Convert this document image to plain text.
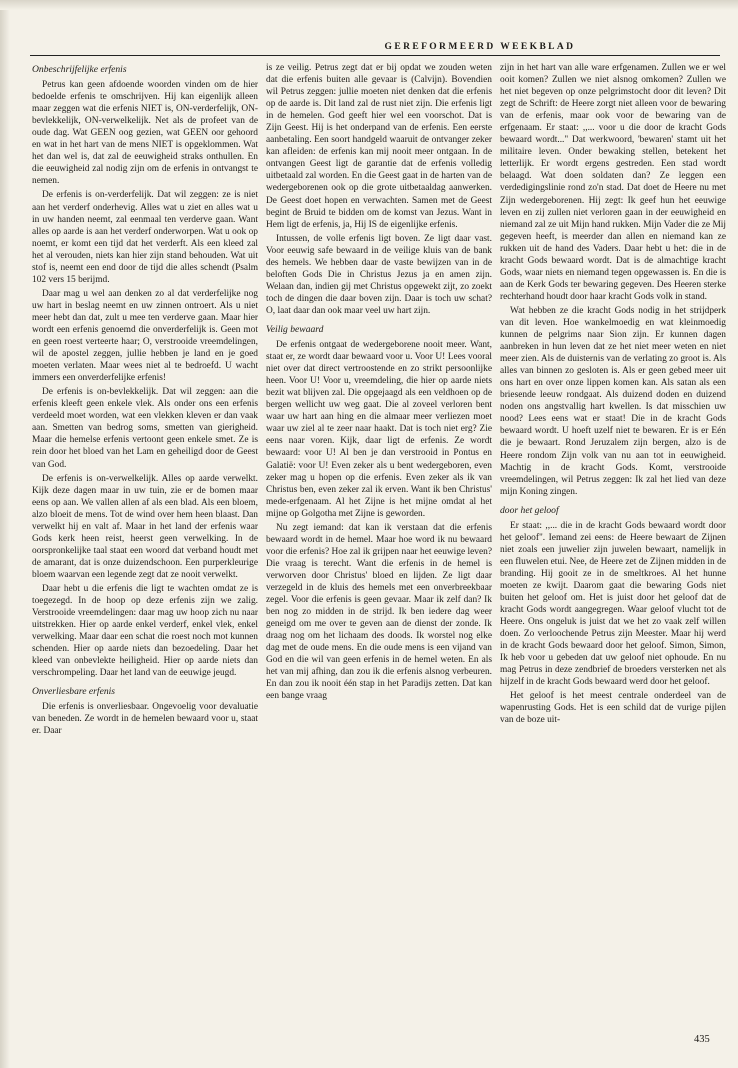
GEREFORMEERD WEEKBLAD
Onbeschrijfelijke erfenis

Petrus kan geen afdoende woorden vinden om de hier bedoelde erfenis te omschrijven. Hij kan eigenlijk alleen maar zeggen wat die erfenis NIET is, ON-verderfelijk, ON-bevlekkelijk, ON-verwelkelijk. Net als de profeet van de oude dag. Wat GEEN oog gezien, wat GEEN oor gehoord en wat in het hart van de mens NIET is opgeklommen. Wat het dan wel is, dat zal de eeuwigheid straks onthullen. En die eeuwigheid zal nodig zijn om de erfenis in ontvangst te nemen.

De erfenis is on-verderfelijk. Dat wil zeggen: ze is niet aan het verderf onderhevig. Alles wat u ziet en alles wat u in uw handen neemt, zal eenmaal ten verderve gaan. Want alles op aarde is aan het verderf onderworpen. Wat u ook op noemt, er komt een tijd dat het verderft. Als een kleed zal het al verouden, niets kan hier zijn stand behouden. Wat uit stof is, neemt een end door de tijd die alles schendt (Psalm 102 vers 15 berijmd.

Daar mag u wel aan denken zo al dat verderfelijke nog uw hart in beslag neemt en uw zinnen ontroert. Als u niet meer hebt dan dat, zult u mee ten verderve gaan. Maar hier wordt een erfenis genoemd die onverderfelijk is. Geen mot en geen roest verteerte haar; O, verstrooide vreemdelingen, wil de apostel zeggen, jullie hebben je land en je goed moeten verlaten. Maar wees niet al te bedroefd. U wacht immers een onverderfelijke erfenis!

De erfenis is on-bevlekkelijk. Dat wil zeggen: aan die erfenis kleeft geen enkele vlek. Als onder ons een erfenis verdeeld moet worden, wat een vlekken kleven er dan vaak aan. Smetten van bedrog soms, smetten van gierigheid. Maar die hemelse erfenis vertoont geen enkele smet. Ze is rein door het bloed van het Lam en geheiligd door de Geest van God.

De erfenis is on-verwelkelijk. Alles op aarde verwelkt. Kijk deze dagen maar in uw tuin, zie er de bomen maar eens op aan. We vallen allen af als een blad. Als een bloem, alzo bloeit de mens. Tot de wind over hem heen blaast. Dan verwelkt hij en valt af. Maar in het land der erfenis waar Gods kerk heen reist, heerst geen verwelking. In de oorspronkelijke taal staat een woord dat verband houdt met de amarant, dat is onze duizendschoon. Een purperkleurige bloem waarvan een legende zegt dat ze nooit verwelkt.

Daar hebt u die erfenis die ligt te wachten omdat ze is toegezegd. In de hoop op deze erfenis zijn we zalig. Verstrooide vreemdelingen: daar mag uw hoop zich nu naar uitstrekken. Hier op aarde enkel verderf, enkel vlek, enkel verwelking. Maar daar een schat die roest noch mot kunnen schenden. Hier op aarde niets dan bezoedeling. Daar het kleed van onbevlekte heiligheid. Hier op aarde niets dan verschrompeling. Daar het land van de eeuwige jeugd.

Onverliesbare erfenis

Die erfenis is onverliesbaar. Ongevoelig voor devaluatie van beneden. Ze wordt in de hemelen bewaard voor u, staat er. Daar

is ze veilig. Petrus zegt dat er bij opdat we zouden weten dat die erfenis buiten alle gevaar is (Calvijn). Bovendien wil Petrus zeggen: jullie moeten niet denken dat die erfenis op de aarde is. Dit land zal de rust niet zijn. Die erfenis ligt in de hemelen. God geeft hier wel een voorschot. Dat is Zijn Geest. Hij is het onderpand van de erfenis. Een eerste aanbetaling. Een soort handgeld waaruit de ontvanger zeker kan afleiden: de erfenis kan mij nooit meer ontgaan. In de ontvangen Geest ligt de garantie dat de erfenis volledig uitbetaald zal worden. En die Geest gaat in de harten van de wedergeborenen ook op die grote uitbetaaldag aanwerken. De Geest doet hopen en verwachten. Samen met de Geest begint de Bruid te bidden om de komst van Jezus. Want in Hem ligt de erfenis, ja, Hij IS de eigenlijke erfenis.

Intussen, de volle erfenis ligt boven. Ze ligt daar vast. Voor eeuwig safe bewaard in de veilige kluis van de bank des hemels. We hebben daar de vaste bewijzen van in de beloften Gods Die in Christus Jezus ja en amen zijn. Welaan dan, indien gij met Christus opgewekt zijt, zo zoekt toch de dingen die daar boven zijn. Daar is toch uw schat? O, laat daar dan ook maar veel uw hart zijn.

Veilig bewaard

De erfenis ontgaat de wedergeborene nooit meer. Want, staat er, ze wordt daar bewaard voor u. Voor U! Lees vooral niet over dat direct vertroostende en zo strikt persoonlijke heen. Voor U! Voor u, vreemdeling, die hier op aarde niets bezit wat blijven zal. Die opgejaagd als een veldhoen op de bergen wellicht uw weg gaat. Die al zoveel verloren bent waar uw hart aan hing en die almaar meer verliezen moet waar uw ziel al te zeer naar haakt. Dat is toch niet erg? Zie eens naar voren. Kijk, daar ligt de erfenis. Ze wordt bewaard: voor U! Al ben je dan verstrooid in Pontus en Galatië: voor U! Even zeker als u bent wedergeboren, even zeker mag u hopen op die erfenis. Even zeker als ik van Christus ben, even zeker zal ik erven. Want ik ben Christus' mede-erfgenaam. Al het Zijne is het mijne omdat al het mijne op Golgotha met Zijne is geworden.

Nu zegt iemand: dat kan ik verstaan dat die erfenis bewaard wordt in de hemel. Maar hoe word ik nu bewaard voor die erfenis? Hoe zal ik grijpen naar het eeuwige leven? Die vraag is terecht. Want die erfenis in de hemel is verworven door Christus' bloed en lijden. Ze ligt daar verzegeld in de kluis des hemels met een onverbreekbaar zegel. Voor die erfenis is geen gevaar. Maar ik zelf dan? Ik ben nog zo midden in de strijd. Ik ben iedere dag weer geneigd om me over te geven aan de dienst der zonde. Ik draag nog om het lichaam des doods. Ik worstel nog elke dag met de oude mens. En die oude mens is een vijand van God en die wil van geen erfenis in de hemel weten. En als het van mij afhing, dan zou ik die erfenis alsnog verbeuren. En dan zou ik nooit één stap in het Paradijs zetten. Dat kan een bange vraag

zijn in het hart van alle ware erfgenamen. Zullen we er wel ooit komen? Zullen we niet alsnog omkomen? Zullen we het niet begeven op onze pelgrimstocht door dit leven? Dit zegt de Schrift: de Heere zorgt niet alleen voor de bewaring van de erfenis, maar ook voor de bewaring van de erfgenaam. Er staat: ,,... voor u die door de kracht Gods bewaard wordt..." Dat werkwoord, 'bewaren' stamt uit het militaire leven. Onder bewaking stellen, betekent het letterlijk. Er wordt ergens gestreden. Een stad wordt belaagd. Wat doen soldaten dan? Ze leggen een verdedigingslinie rond zo'n stad. Dat doet de Heere nu met Zijn wedergeborenen. Hij zegt: Ik geef hun het eeuwige leven en zij zullen niet verloren gaan in der eeuwigheid en niemand zal ze uit Mijn hand rukken. Mijn Vader die ze Mij gegeven heeft, is meerder dan allen en niemand kan ze rukken uit de hand des Vaders. Daar hebt u het: die in de kracht Gods bewaard wordt. Dat is de almachtige kracht Gods, waar niets en niemand tegen opgewassen is. En die is aan de Kerk Gods ter bewaring gegeven. Des Heeren sterke rechterhand houdt door haar kracht Gods volk in stand.

Wat hebben ze die kracht Gods nodig in het strijdperk van dit leven. Hoe wankelmoedig en wat kleinmoedig kunnen de pelgrims naar Sion zijn. Er kunnen dagen aanbreken in hun leven dat ze het niet meer weten en niet meer zien. Als de duisternis van de verlating zo groot is. Als alles van binnen zo gesloten is. Als er geen gebed meer uit ons hart en over onze lippen komen kan. Als satan als een briesende leeuw rondgaat. Als duizend doden en duizend noden ons angstvallig hart kwellen. Is dat misschien uw nood? Lees eens wat er staat! Die in de kracht Gods bewaard wordt. U hoeft uzelf niet te bewaren. Er is er Eén die je bewaart. Rond Jeruzalem zijn bergen, alzo is de Heere rondom Zijn volk van nu aan tot in eeuwigheid. Machtig in de kracht Gods. Komt, verstrooide vreemdelingen, wil Petrus zeggen: Ik zal het lied van deze mijn Koning zingen.

door het geloof

Er staat: ,,... die in de kracht Gods bewaard wordt door het geloof". Iemand zei eens: de Heere bewaart de Zijnen niet zoals een juwelier zijn juwelen bewaart, namelijk in een fluwelen etui. Nee, de Heere zet de Zijnen midden in de branding. Hij gooit ze in de smeltkroes. Al het hunne moeten ze kwijt. Daarom gaat die bewaring Gods niet buiten het geloof om. Het is juist door het geloof dat de kracht Gods wordt aangegregen. Waar geloof vlucht tot de Heere. Ons ongeluk is juist dat we het zo vaak zelf willen doen. Zo verloochende Petrus zijn Meester. Maar hij werd in de kracht Gods bewaard door het geloof. Simon, Simon, Ik heb voor u gebeden dat uw geloof niet ophoude. En nu mag Petrus in deze zendbrief de broeders versterken net als hijzelf in de kracht Gods bewaard werd door het geloof.

Het geloof is het meest centrale onderdeel van de wapenrusting Gods. Het is een schild dat de vurige pijlen van de boze uit-

435
